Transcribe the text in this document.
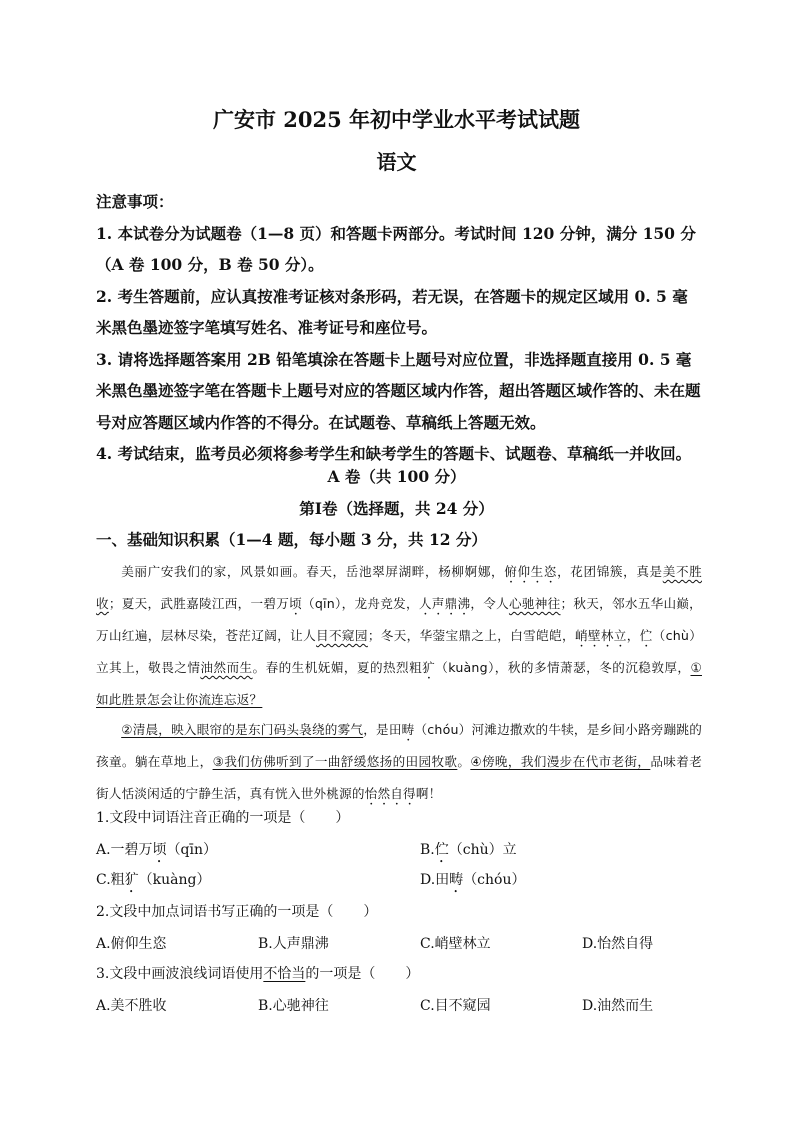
广安市 2025 年初中学业水平考试试题
语文

注意事项：

1. 本试卷分为试题卷（1—8 页）和答题卡两部分。考试时间 120 分钟，满分 150 分（A 卷 100 分，B 卷 50 分）。

2. 考生答题前，应认真按准考证核对条形码，若无误，在答题卡的规定区域用 0. 5 毫米黑色墨迹签字笔填写姓名、准考证号和座位号。

3. 请将选择题答案用 2B 铅笔填涂在答题卡上题号对应位置，非选择题直接用 0. 5 毫米黑色墨迹签字笔在答题卡上题号对应的答题区域内作答，超出答题区域作答的、未在题号对应答题区域内作答的不得分。在试题卷、草稿纸上答题无效。

4. 考试结束，监考员必须将参考学生和缺考学生的答题卡、试题卷、草稿纸一并收回。

A 卷（共 100 分）
第Ⅰ卷（选择题，共 24 分）
一、基础知识积累（1—4 题，每小题 3 分，共 12 分）

美丽广安我们的家，风景如画。春天，岳池翠屏湖畔，杨柳婀娜，俯仰生恣，花团锦簇，真是美不胜收；夏天，武胜嘉陵江西，一碧万顷（qīn），龙舟竞发，人声鼎沸，令人心驰神往；秋天，邻水五华山巅，万山红遍，层林尽染，苍茫辽阔，让人目不窥园；冬天，华蓥宝鼎之上，白雪皑皑，峭壁林立，伫（chù）立其上，敬畏之情油然而生。春的生机妩媚，夏的热烈粗犷（kuàng），秋的多情萧瑟，冬的沉稳敦厚，①如此胜景怎会让你流连忘返？

②清晨，映入眼帘的是东门码头袅绕的雾气，是田畴（chóu）河滩边撒欢的牛犊，是乡间小路旁蹦跳的孩童。躺在草地上，③我们仿佛听到了一曲舒缓悠扬的田园牧歌。④傍晚，我们漫步在代市老街，品味着老街人恬淡闲适的宁静生活，真有恍入世外桃源的怡然自得啊！

1.文段中词语注音正确的一项是（ ）
A.一碧万顷（qīn）	B.伫（chù）立
C.粗犷（kuàng）	D.田畴（chóu）
2.文段中加点词语书写正确的一项是（ ）
A.俯仰生恣	B.人声鼎沸	C.峭壁林立	D.怡然自得
3.文段中画波浪线词语使用不恰当的一项是（ ）
A.美不胜收	B.心驰神往	C.目不窥园	D.油然而生
